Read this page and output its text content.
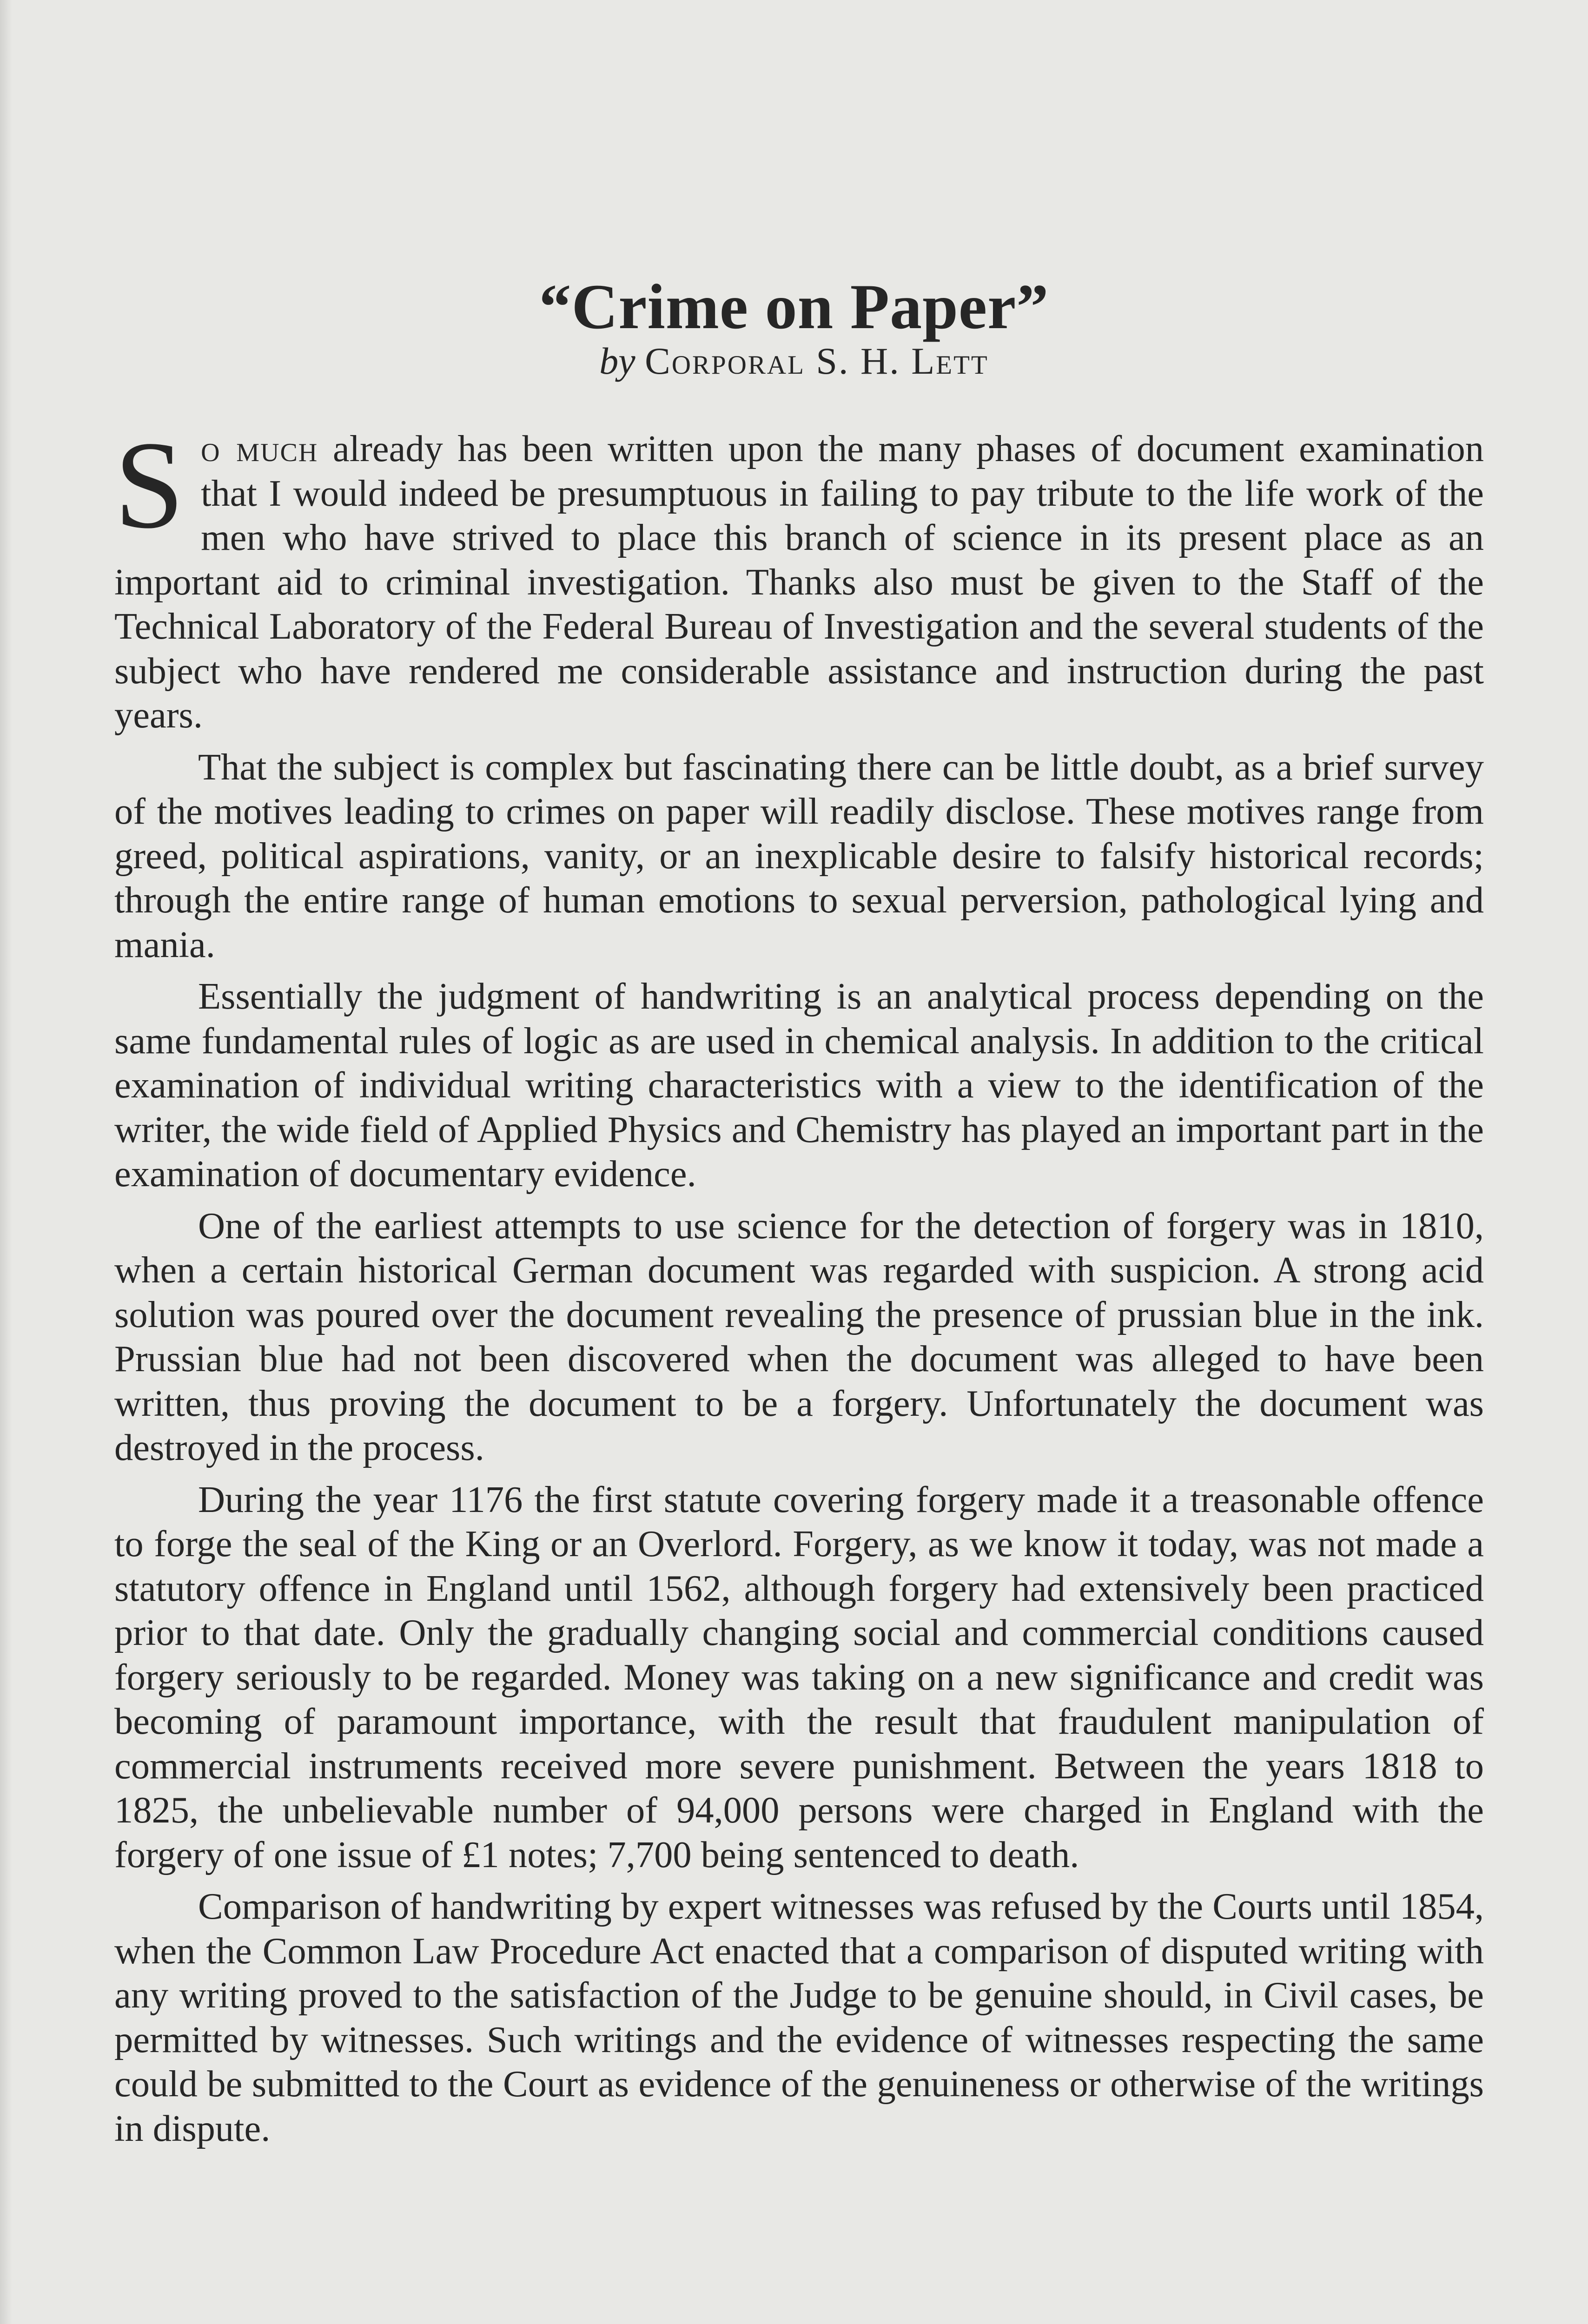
“Crime on Paper”
by Corporal S. H. Lett

So much already has been written upon the many phases of document examination that I would indeed be presumptuous in failing to pay tribute to the life work of the men who have strived to place this branch of science in its present place as an important aid to criminal investigation. Thanks also must be given to the Staff of the Technical Laboratory of the Federal Bureau of Investigation and the several students of the subject who have rendered me considerable assistance and instruction during the past years.

That the subject is complex but fascinating there can be little doubt, as a brief survey of the motives leading to crimes on paper will readily disclose. These motives range from greed, political aspirations, vanity, or an inexplicable desire to falsify historical records; through the entire range of human emotions to sexual perversion, pathological lying and mania.

Essentially the judgment of handwriting is an analytical process depending on the same fundamental rules of logic as are used in chemical analysis. In addition to the critical examination of individual writing characteristics with a view to the identification of the writer, the wide field of Applied Physics and Chemistry has played an important part in the examination of documentary evidence.

One of the earliest attempts to use science for the detection of forgery was in 1810, when a certain historical German document was regarded with suspicion. A strong acid solution was poured over the document revealing the presence of prussian blue in the ink. Prussian blue had not been discovered when the document was alleged to have been written, thus proving the document to be a forgery. Unfortunately the document was destroyed in the process.

During the year 1176 the first statute covering forgery made it a treasonable offence to forge the seal of the King or an Overlord. Forgery, as we know it today, was not made a statutory offence in England until 1562, although forgery had extensively been practiced prior to that date. Only the gradually changing social and commercial conditions caused forgery seriously to be regarded. Money was taking on a new significance and credit was becoming of paramount importance, with the result that fraudulent manipulation of commercial instruments received more severe punishment. Between the years 1818 to 1825, the unbelievable number of 94,000 persons were charged in England with the forgery of one issue of £1 notes; 7,700 being sentenced to death.

Comparison of handwriting by expert witnesses was refused by the Courts until 1854, when the Common Law Procedure Act enacted that a comparison of disputed writing with any writing proved to the satisfaction of the Judge to be genuine should, in Civil cases, be permitted by witnesses. Such writings and the evidence of witnesses respecting the same could be submitted to the Court as evidence of the genuineness or otherwise of the writings in dispute.
